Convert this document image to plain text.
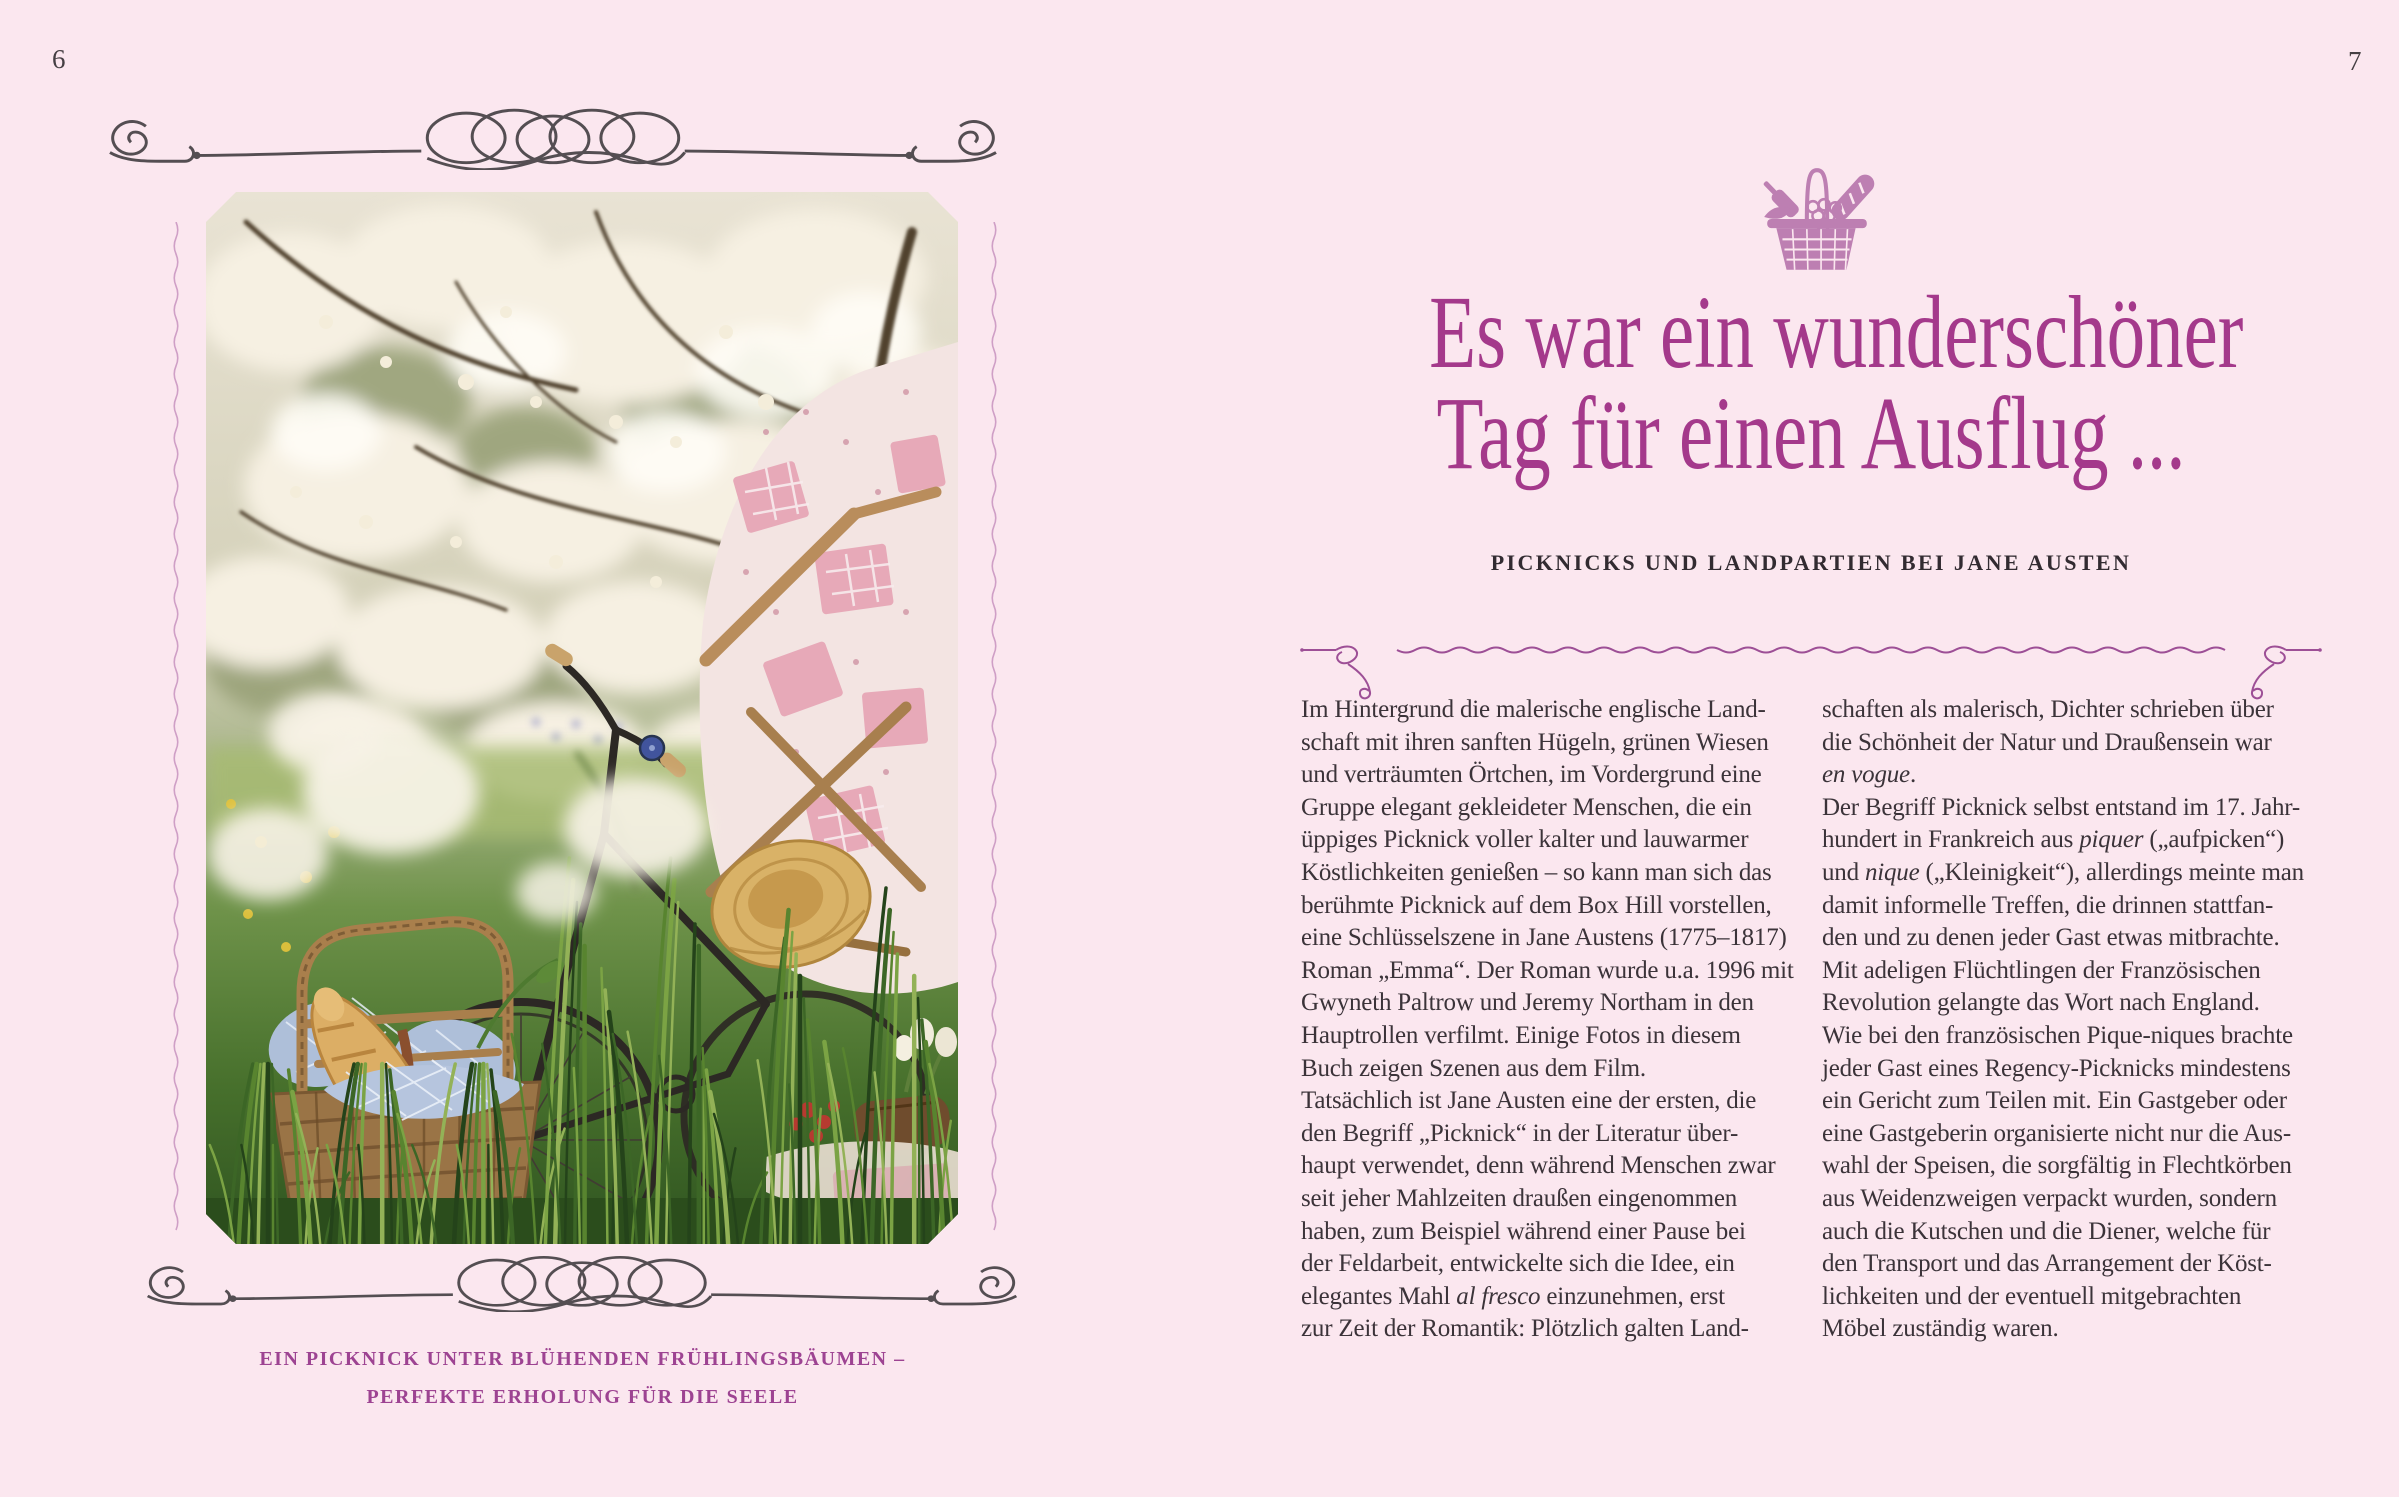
6	7
EIN PICKNICK UNTER BLÜHENDEN FRÜHLINGSBÄUMEN –
PERFEKTE ERHOLUNG FÜR DIE SEELE
Es war ein wunderschöner
Tag für einen Ausflug ...
PICKNICKS UND LANDPARTIEN BEI JANE AUSTEN
Im Hintergrund die malerische englische Land-
schaft mit ihren sanften Hügeln, grünen Wiesen
und verträumten Örtchen, im Vordergrund eine
Gruppe elegant gekleideter Menschen, die ein
üppiges Picknick voller kalter und lauwarmer
Köstlichkeiten genießen – so kann man sich das
berühmte Picknick auf dem Box Hill vorstellen,
eine Schlüsselszene in Jane Austens (1775–1817)
Roman „Emma“. Der Roman wurde u.a. 1996 mit
Gwyneth Paltrow und Jeremy Northam in den
Hauptrollen verfilmt. Einige Fotos in diesem
Buch zeigen Szenen aus dem Film.
Tatsächlich ist Jane Austen eine der ersten, die
den Begriff „Picknick“ in der Literatur über-
haupt verwendet, denn während Menschen zwar
seit jeher Mahlzeiten draußen eingenommen
haben, zum Beispiel während einer Pause bei
der Feldarbeit, entwickelte sich die Idee, ein
elegantes Mahl al fresco einzunehmen, erst
zur Zeit der Romantik: Plötzlich galten Land-
schaften als malerisch, Dichter schrieben über
die Schönheit der Natur und Draußensein war
en vogue.
Der Begriff Picknick selbst entstand im 17. Jahr-
hundert in Frankreich aus piquer („aufpicken“)
und nique („Kleinigkeit“), allerdings meinte man
damit informelle Treffen, die drinnen stattfan-
den und zu denen jeder Gast etwas mitbrachte.
Mit adeligen Flüchtlingen der Französischen
Revolution gelangte das Wort nach England.
Wie bei den französischen Pique-niques brachte
jeder Gast eines Regency-Picknicks mindestens
ein Gericht zum Teilen mit. Ein Gastgeber oder
eine Gastgeberin organisierte nicht nur die Aus-
wahl der Speisen, die sorgfältig in Flechtkörben
aus Weidenzweigen verpackt wurden, sondern
auch die Kutschen und die Diener, welche für
den Transport und das Arrangement der Köst-
lichkeiten und der eventuell mitgebrachten
Möbel zuständig waren.
